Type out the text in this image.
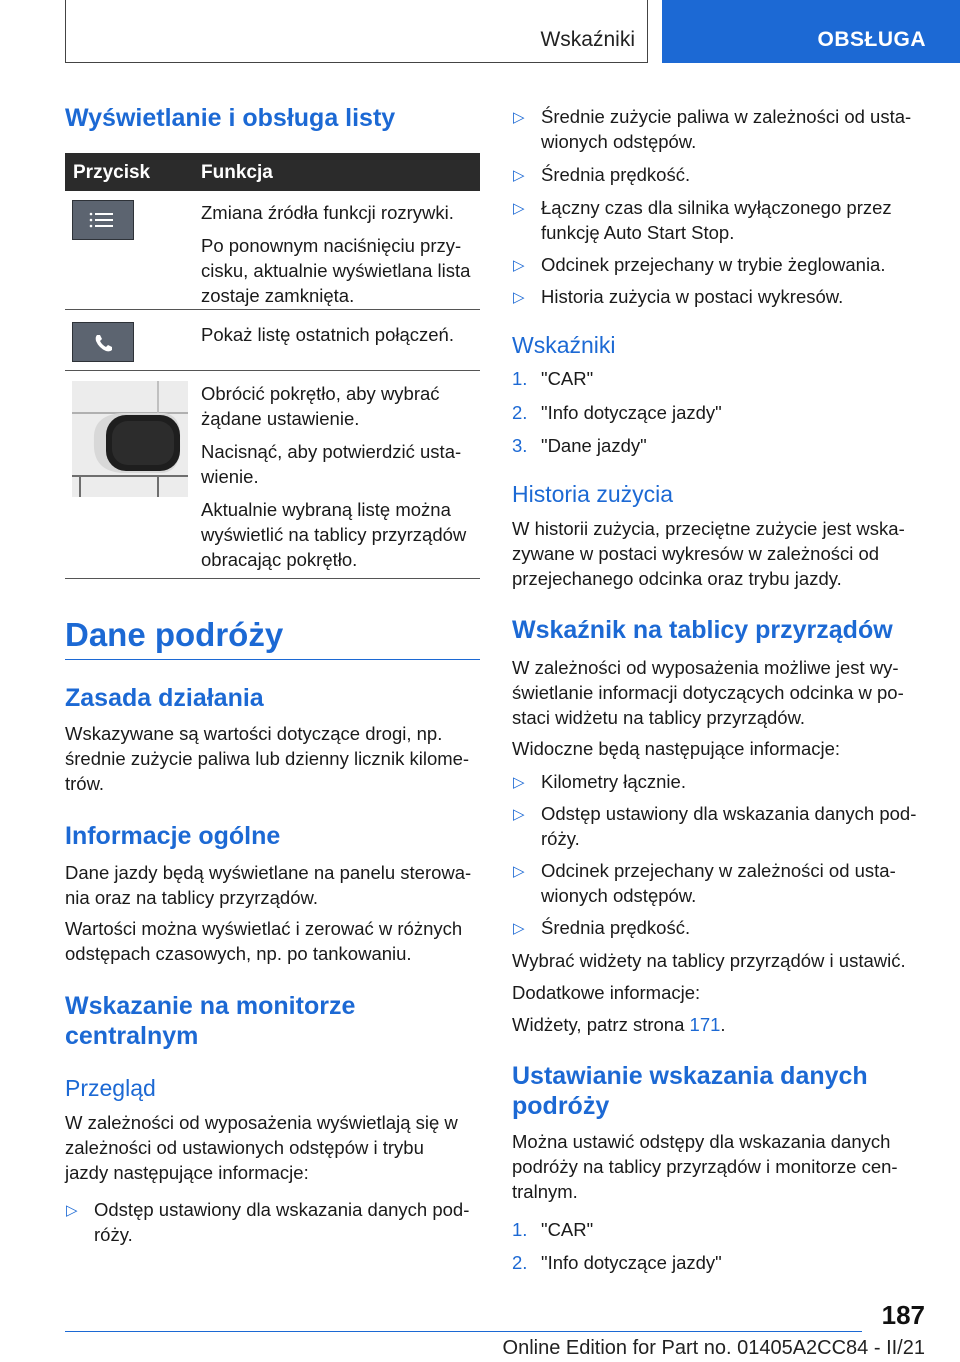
Wskaźniki	OBSŁUGA
Wyświetlanie i obsługa listy
Przycisk	Funkcja

Zmiana źródła funkcji rozrywki.

Po ponownym naciśnięciu przy-cisku, aktualnie wyświetlana lista zostaje zamknięta.

Pokaż listę ostatnich połączeń.

Obrócić pokrętło, aby wybrać żądane ustawienie.

Nacisnąć, aby potwierdzić usta-wienie.

Aktualnie wybraną listę można wyświetlić na tablicy przyrządów obracając pokrętło.

Dane podróży
Zasada działania

Wskazywane są wartości dotyczące drogi, np. średnie zużycie paliwa lub dzienny licznik kilome-trów.

Informacje ogólne

Dane jazdy będą wyświetlane na panelu sterowa-nia oraz na tablicy przyrządów.

Wartości można wyświetlać i zerować w różnych odstępach czasowych, np. po tankowaniu.

Wskazanie na monitorze centralnym
Przegląd

W zależności od wyposażenia wyświetlają się w zależności od ustawionych odstępów i trybu jazdy następujące informacje:

▷ Odstęp ustawiony dla wskazania danych pod-róży.
▷ Średnie zużycie paliwa w zależności od usta-wionych odstępów.
▷ Średnia prędkość.
▷ Łączny czas dla silnika wyłączonego przez funkcję Auto Start Stop.
▷ Odcinek przejechany w trybie żeglowania.
▷ Historia zużycia w postaci wykresów.
Wskaźniki
1. "CAR"
2. "Info dotyczące jazdy"
3. "Dane jazdy"
Historia zużycia

W historii zużycia, przeciętne zużycie jest wska-zywane w postaci wykresów w zależności od przejechanego odcinka oraz trybu jazdy.

Wskaźnik na tablicy przyrządów

W zależności od wyposażenia możliwe jest wy-świetlanie informacji dotyczących odcinka w po-staci widżetu na tablicy przyrządów.

Widoczne będą następujące informacje:

▷ Kilometry łącznie.
▷ Odstęp ustawiony dla wskazania danych pod-róży.
▷ Odcinek przejechany w zależności od usta-wionych odstępów.
▷ Średnia prędkość.

Wybrać widżety na tablicy przyrządów i ustawić.

Dodatkowe informacje:

Widżety, patrz strona 171.

Ustawianie wskazania danych podróży

Można ustawić odstępy dla wskazania danych podróży na tablicy przyrządów i monitorze cen-tralnym.

1. "CAR"
2. "Info dotyczące jazdy"
187
Online Edition for Part no. 01405A2CC84 - II/21
